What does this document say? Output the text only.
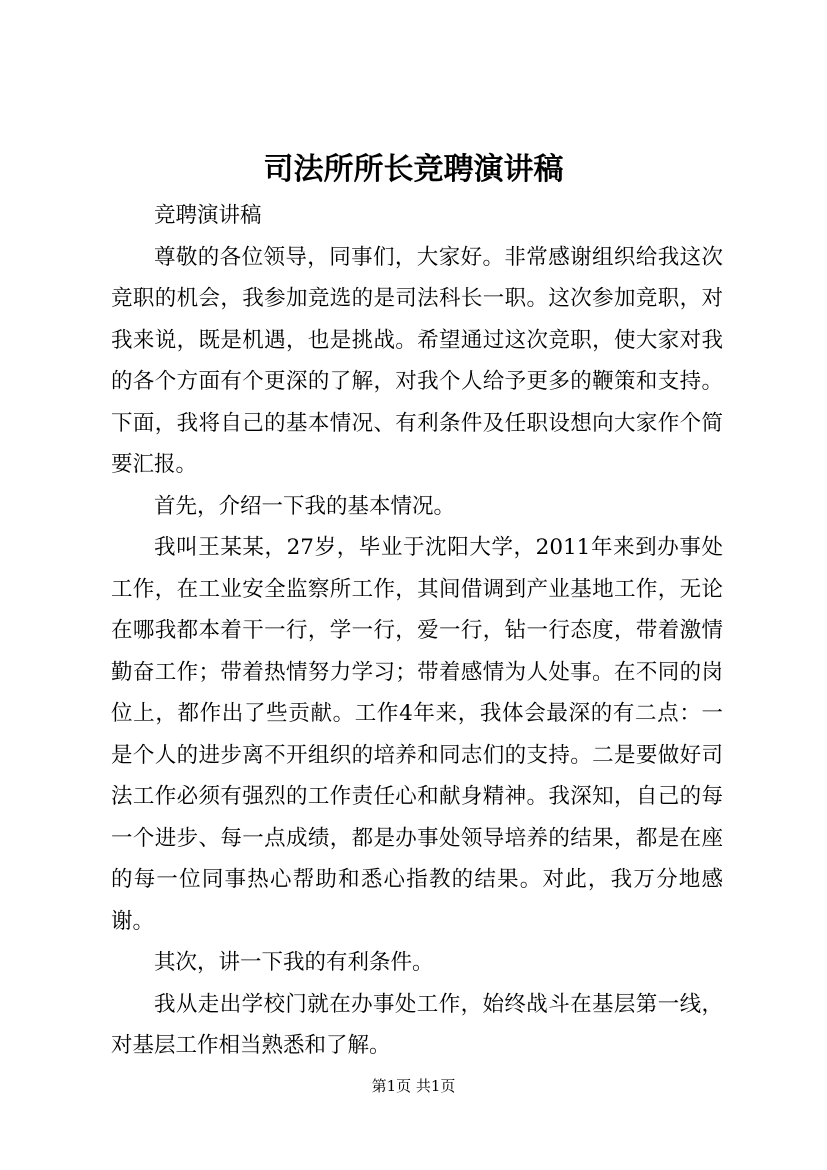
司法所所长竞聘演讲稿

竞聘演讲稿

尊敬的各位领导，同事们，大家好。非常感谢组织给我这次竞职的机会，我参加竞选的是司法科长一职。这次参加竞职，对我来说，既是机遇，也是挑战。希望通过这次竞职，使大家对我的各个方面有个更深的了解，对我个人给予更多的鞭策和支持。下面，我将自己的基本情况、有利条件及任职设想向大家作个简要汇报。

首先，介绍一下我的基本情况。

我叫王某某，27岁，毕业于沈阳大学，2011年来到办事处工作，在工业安全监察所工作，其间借调到产业基地工作，无论在哪我都本着干一行，学一行，爱一行，钻一行态度，带着激情勤奋工作；带着热情努力学习；带着感情为人处事。在不同的岗位上，都作出了些贡献。工作4年来，我体会最深的有二点：一是个人的进步离不开组织的培养和同志们的支持。二是要做好司法工作必须有强烈的工作责任心和献身精神。我深知，自己的每一个进步、每一点成绩，都是办事处领导培养的结果，都是在座的每一位同事热心帮助和悉心指教的结果。对此，我万分地感谢。

其次，讲一下我的有利条件。

我从走出学校门就在办事处工作，始终战斗在基层第一线，对基层工作相当熟悉和了解。

第1页 共1页
